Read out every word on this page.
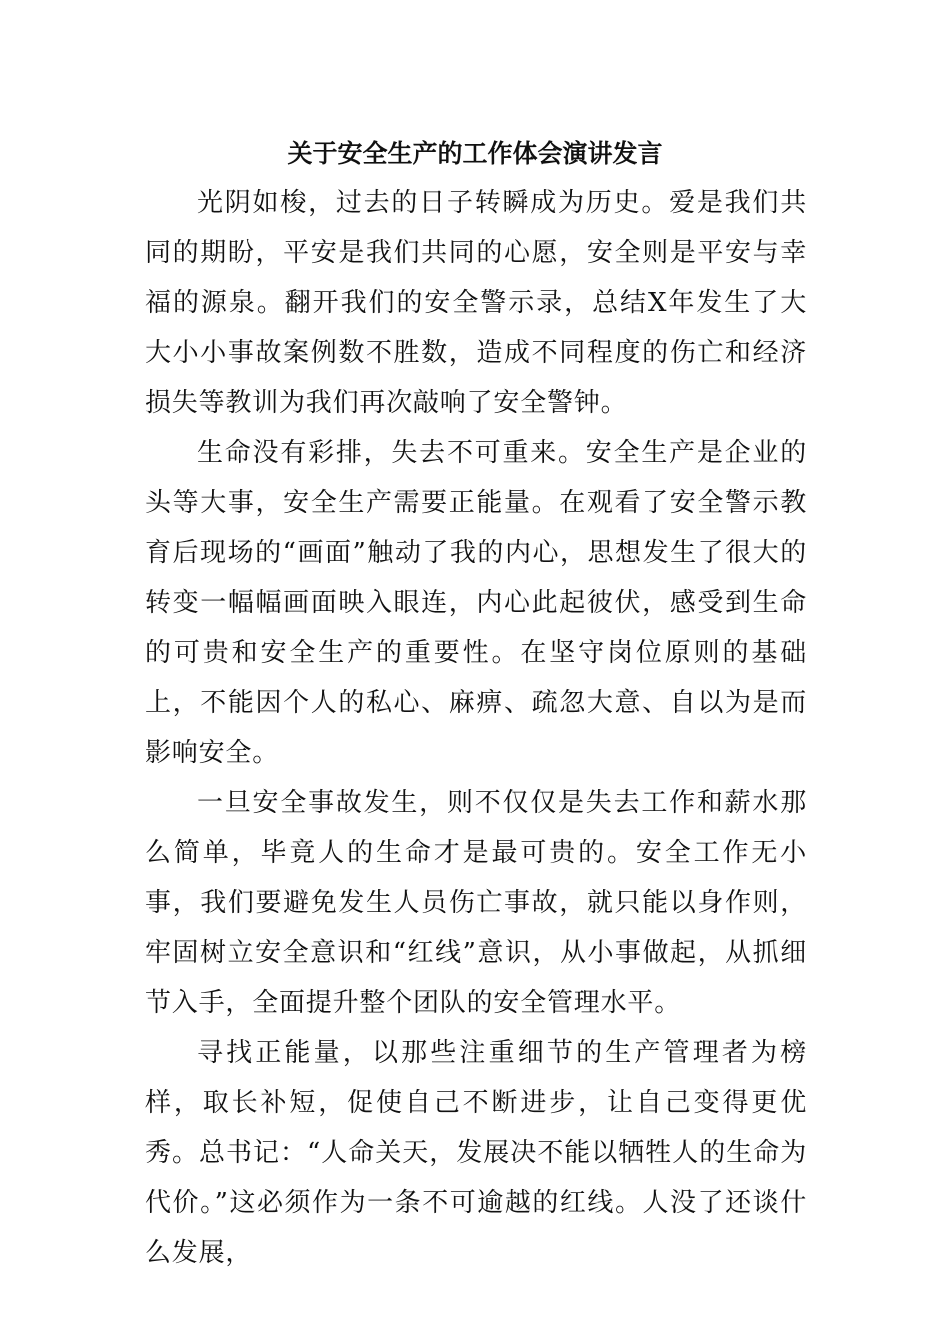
关于安全生产的工作体会演讲发言

光阴如梭，过去的日子转瞬成为历史。爱是我们共同的期盼，平安是我们共同的心愿，安全则是平安与幸福的源泉。翻开我们的安全警示录，总结X年发生了大大小小事故案例数不胜数，造成不同程度的伤亡和经济损失等教训为我们再次敲响了安全警钟。

生命没有彩排，失去不可重来。安全生产是企业的头等大事，安全生产需要正能量。在观看了安全警示教育后现场的“画面”触动了我的内心，思想发生了很大的转变一幅幅画面映入眼连，内心此起彼伏，感受到生命的可贵和安全生产的重要性。在坚守岗位原则的基础上，不能因个人的私心、麻痹、疏忽大意、自以为是而影响安全。

一旦安全事故发生，则不仅仅是失去工作和薪水那么简单，毕竟人的生命才是最可贵的。安全工作无小事，我们要避免发生人员伤亡事故，就只能以身作则，牢固树立安全意识和“红线”意识，从小事做起，从抓细节入手，全面提升整个团队的安全管理水平。

寻找正能量，以那些注重细节的生产管理者为榜样，取长补短，促使自己不断进步，让自己变得更优秀。总书记：“人命关天，发展决不能以牺牲人的生命为代价。”这必须作为一条不可逾越的红线。人没了还谈什么发展，
